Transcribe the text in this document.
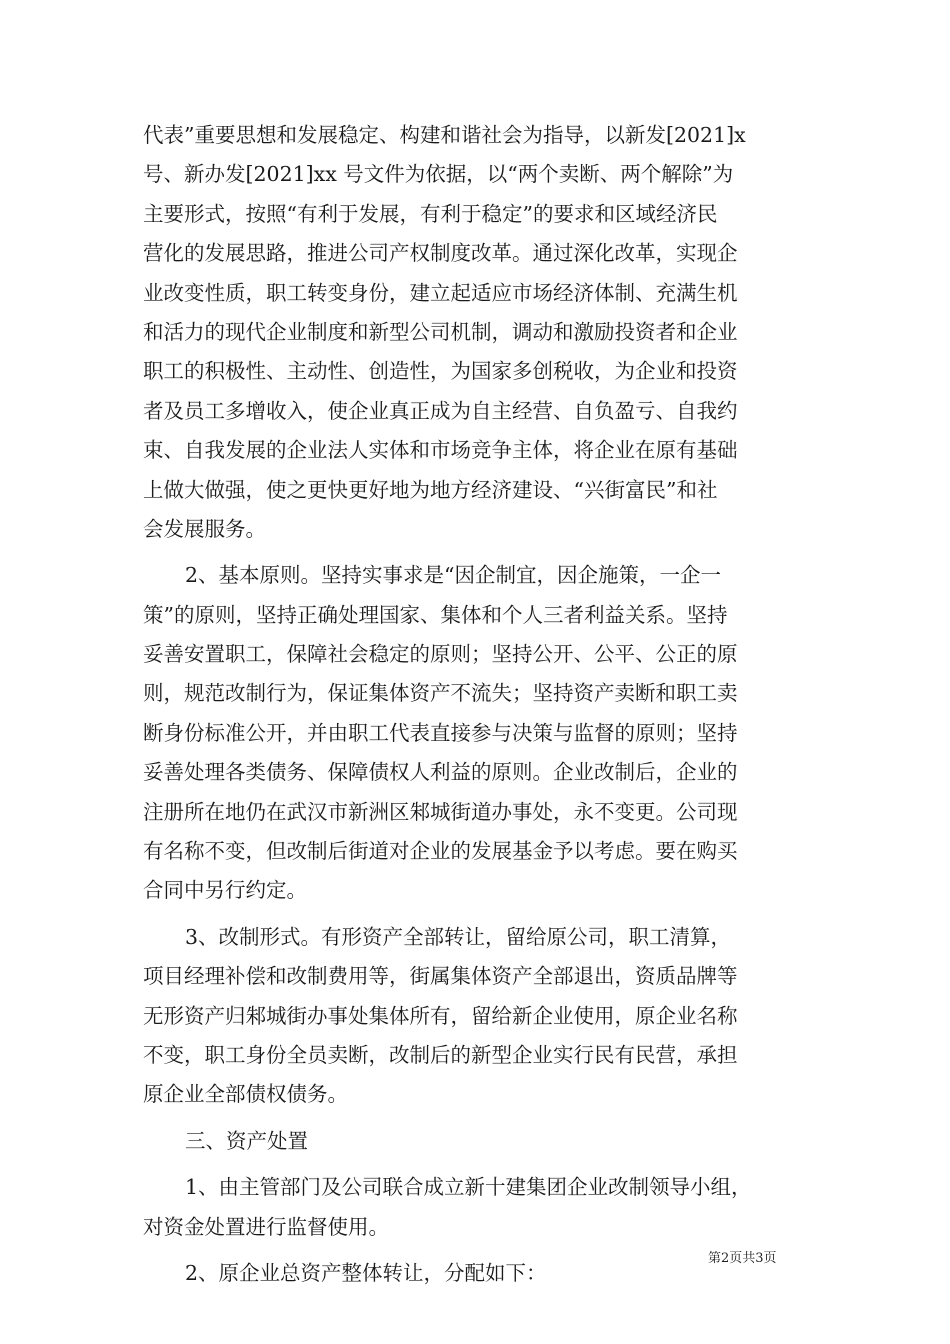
代表”重要思想和发展稳定、构建和谐社会为指导，以新发[2021]x
号、新办发[2021]xx 号文件为依据，以“两个卖断、两个解除”为
主要形式，按照“有利于发展，有利于稳定”的要求和区域经济民
营化的发展思路，推进公司产权制度改革。通过深化改革，实现企
业改变性质，职工转变身份，建立起适应市场经济体制、充满生机
和活力的现代企业制度和新型公司机制，调动和激励投资者和企业
职工的积极性、主动性、创造性，为国家多创税收，为企业和投资
者及员工多增收入，使企业真正成为自主经营、自负盈亏、自我约
束、自我发展的企业法人实体和市场竞争主体，将企业在原有基础
上做大做强，使之更快更好地为地方经济建设、“兴街富民”和社
会发展服务。
2、基本原则。坚持实事求是“因企制宜，因企施策，一企一
策”的原则，坚持正确处理国家、集体和个人三者利益关系。坚持
妥善安置职工，保障社会稳定的原则；坚持公开、公平、公正的原
则，规范改制行为，保证集体资产不流失；坚持资产卖断和职工卖
断身份标准公开，并由职工代表直接参与决策与监督的原则；坚持
妥善处理各类债务、保障债权人利益的原则。企业改制后，企业的
注册所在地仍在武汉市新洲区邾城街道办事处，永不变更。公司现
有名称不变，但改制后街道对企业的发展基金予以考虑。要在购买
合同中另行约定。
3、改制形式。有形资产全部转让，留给原公司，职工清算，
项目经理补偿和改制费用等，街属集体资产全部退出，资质品牌等
无形资产归邾城街办事处集体所有，留给新企业使用，原企业名称
不变，职工身份全员卖断，改制后的新型企业实行民有民营，承担
原企业全部债权债务。
三、资产处置
1、由主管部门及公司联合成立新十建集团企业改制领导小组，
对资金处置进行监督使用。
2、原企业总资产整体转让，分配如下：
第2页共3页
